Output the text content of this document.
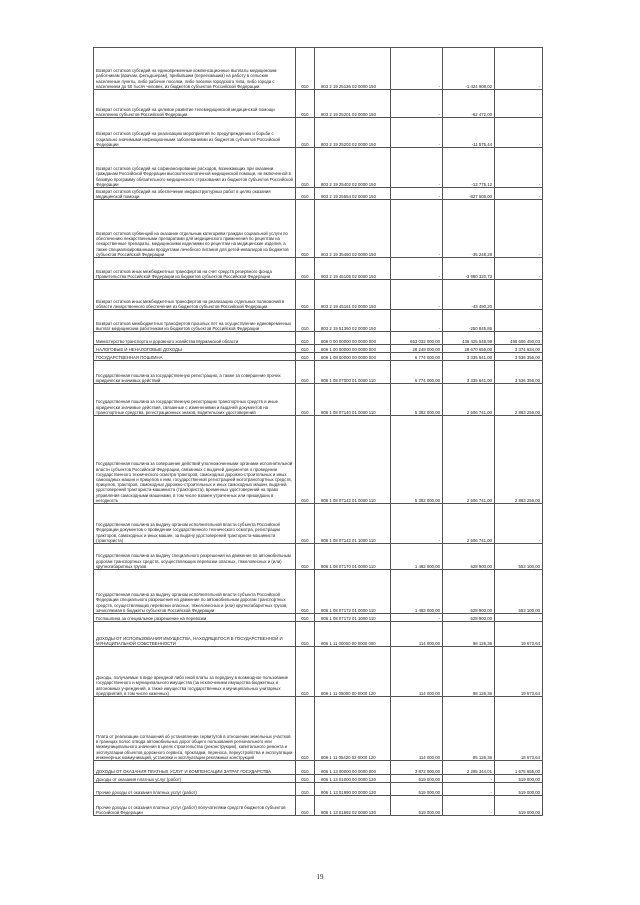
Возврат остатков субсидий на единовременные компенсационные выплаты медицинским работникам (врачам, фельдшерам), прибывшим (переехавшим) на работу в сельские населенные пункты, либо рабочие поселки, либо поселки городского типа, либо города с населением до 50 тысяч человек, из бюджетов субъектов Российской Федерации	010	803 2 19 25136 02 0000 150	-	-1 424 908,02	-
Возврат остатков субсидий на целевое развитие телемедицинской медицинской помощи населению субъектов Российской Федерации	010	803 2 19 25201 02 0000 150	-	-62 472,00	-
Возврат остатков субсидий на реализацию мероприятий по предупреждению и борьбе с социально значимыми инфекционными заболеваниями из бюджетов субъектов Российской Федерации	010	803 2 19 25202 02 0000 150	-	-11 575,44	-
Возврат остатков субсидий на софинансирование расходов, возникающих при оказании гражданам Российской Федерации высокотехнологичной медицинской помощи, не включенной в базовую программу обязательного медицинского страхования из бюджетов субъектов Российской Федерации	010	803 2 19 25402 02 0000 150	-	-13 775,12	-
Возврат остатков субсидий на обеспечение инфраструктурных работ в целях оказания медицинской помощи	010	803 2 19 25554 02 0000 150	-	-827 505,00	-
Возврат остатков субвенций на оказание отдельным категориям граждан социальной услуги по обеспечению лекарственными препаратами для медицинского применения по рецептам на лекарственные препараты, медицинскими изделиями по рецептам на медицинские изделия, а также специализированными продуктами лечебного питания для детей-инвалидов из бюджетов субъектов Российской Федерации	010	803 2 19 35460 02 0000 150	-	-35 248,28	-
Возврат остатков иных межбюджетных трансфертов на счет средств резервного фонда Правительства Российской Федерации из бюджетов субъектов Российской Федерации	010	803 2 19 45105 02 0000 150	-	-3 990 320,73	-
Возврат остатков иных межбюджетных трансфертов на реализацию отдельных полномочий в области лекарственного обеспечения из бюджетов субъектов Российской Федерации	010	803 2 19 45161 02 0000 150	-	-43 490,20	-
Возврат остатков межбюджетных трансфертов прошлых лет на осуществление единовременных выплат медицинским работникам из бюджетов субъектов Российской Федерации	010	803 2 19 51360 02 0000 150	-	-250 845,86	-
Министерство транспорта и дорожного хозяйства Мурманской области	010	806 0 00 00000 00 0000 000	653 032 000,00	436 425 548,99	496 606 450,03
НАЛОГОВЫЕ И НЕНАЛОГОВЫЕ ДОХОДЫ	010	806 1 00 00000 00 0000 000	28 248 000,00	28 670 655,00	3 374 634,00
ГОСУДАРСТВЕННАЯ ПОШЛИНА	010	806 1 08 00000 00 0000 000	6 774 000,00	3 335 641,00	3 536 356,00
Государственная пошлина за государственную регистрацию, а также за совершение прочих юридически значимых действий	010	806 1 08 07000 01 0000 110	6 774 000,00	3 335 641,00	3 536 356,00
Государственная пошлина за государственную регистрацию транспортных средств и иные юридически значимые действия, связанные с изменениями и выдачей документов на транспортные средства, регистрационных знаков, водительских удостоверений	010	806 1 08 07140 01 0000 110	5 392 000,00	2 606 741,00	2 883 256,00
Государственная пошлина за совершение действий уполномоченными органами исполнительной власти субъектов Российской Федерации, связанных с выдачей документов о проведении государственного технического осмотра тракторов, самоходных дорожно-строительных и иных самоходных машин и прицепов к ним, государственной регистрацией мототранспортных средств, прицепов, тракторов, самоходных дорожно-строительных и иных самоходных машин, выдачей удостоверений тракториста-машиниста (тракториста), временных удостоверений на право управления самоходными машинами, в том числе взамен утраченных или пришедших в негодность	010	806 1 08 07142 01 0000 110	5 392 000,00	2 606 741,00	2 883 256,00
Государственная пошлина за выдачу органом исполнительной власти субъекта Российской Федерации документов о проведении государственного технического осмотра, регистрации тракторов, самоходных и иных машин, за выдачу удостоверений тракториста-машиниста (тракториста)	010	806 1 08 07142 01 1000 110	-	2 606 741,00	-
Государственная пошлина за выдачу специального разрешения на движение по автомобильным дорогам транспортных средств, осуществляющих перевозки опасных, тяжеловесных и (или) крупногабаритных грузов	010	806 1 08 07170 01 0000 110	1 482 000,00	628 900,00	553 100,00
Государственная пошлина за выдачу органом исполнительной власти субъекта Российской Федерации специального разрешения на движение по автомобильным дорогам транспортных средств, осуществляющих перевозки опасных, тяжеловесных и (или) крупногабаритных грузов, зачисляемая в бюджеты субъектов Российской Федерации	010	806 1 08 07172 01 0000 110	1 482 000,00	628 900,00	553 100,00
Госпошлина за специальное разрешение на перевозки	010	806 1 08 07172 01 1000 110	-	628 900,00	-
ДОХОДЫ ОТ ИСПОЛЬЗОВАНИЯ ИМУЩЕСТВА, НАХОДЯЩЕГОСЯ В ГОСУДАРСТВЕННОЙ И МУНИЦИПАЛЬНОЙ СОБСТВЕННОСТИ	010	806 1 11 00000 00 0000 000	114 000,00	98 126,36	19 673,64
Доходы, получаемые в виде арендной либо иной платы за передачу в возмездное пользование государственного и муниципального имущества (за исключением имущества бюджетных и автономных учреждений, а также имущества государственных и муниципальных унитарных предприятий, в том числе казенных)	010	806 1 11 05000 00 0000 120	114 000,00	98 126,36	19 673,64
Плата от реализации соглашений об установлении сервитутов в отношении земельных участков в границах полос отвода автомобильных дорог общего пользования регионального или межмуниципального значения в целях строительства (реконструкции), капитального ремонта и эксплуатации объектов дорожного сервиса, прокладки, переноса, переустройства и эксплуатации инженерных коммуникаций, установки и эксплуатации рекламных конструкций	010	806 1 11 05420 02 0000 120	114 000,00	95 126,36	18 673,64
ДОХОДЫ ОТ ОКАЗАНИЯ ПЛАТНЫХ УСЛУГ И КОМПЕНСАЦИИ ЗАТРАТ ГОСУДАРСТВА	010	806 1 13 00000 00 0000 000	3 872 000,00	2 295 344,01	1 675 655,00
Доходы от оказания платных услуг (работ)	010	806 1 13 01000 00 0000 130	519 000,00	-	519 000,00
Прочие доходы от оказания платных услуг (работ)	010	806 1 13 01990 00 0000 130	519 000,00	-	519 000,00
Прочие доходы от оказания платных услуг (работ) получателями средств бюджетов субъектов Российской Федерации	010	806 1 13 01992 02 0000 130	519 000,00	-	519 000,00
19
